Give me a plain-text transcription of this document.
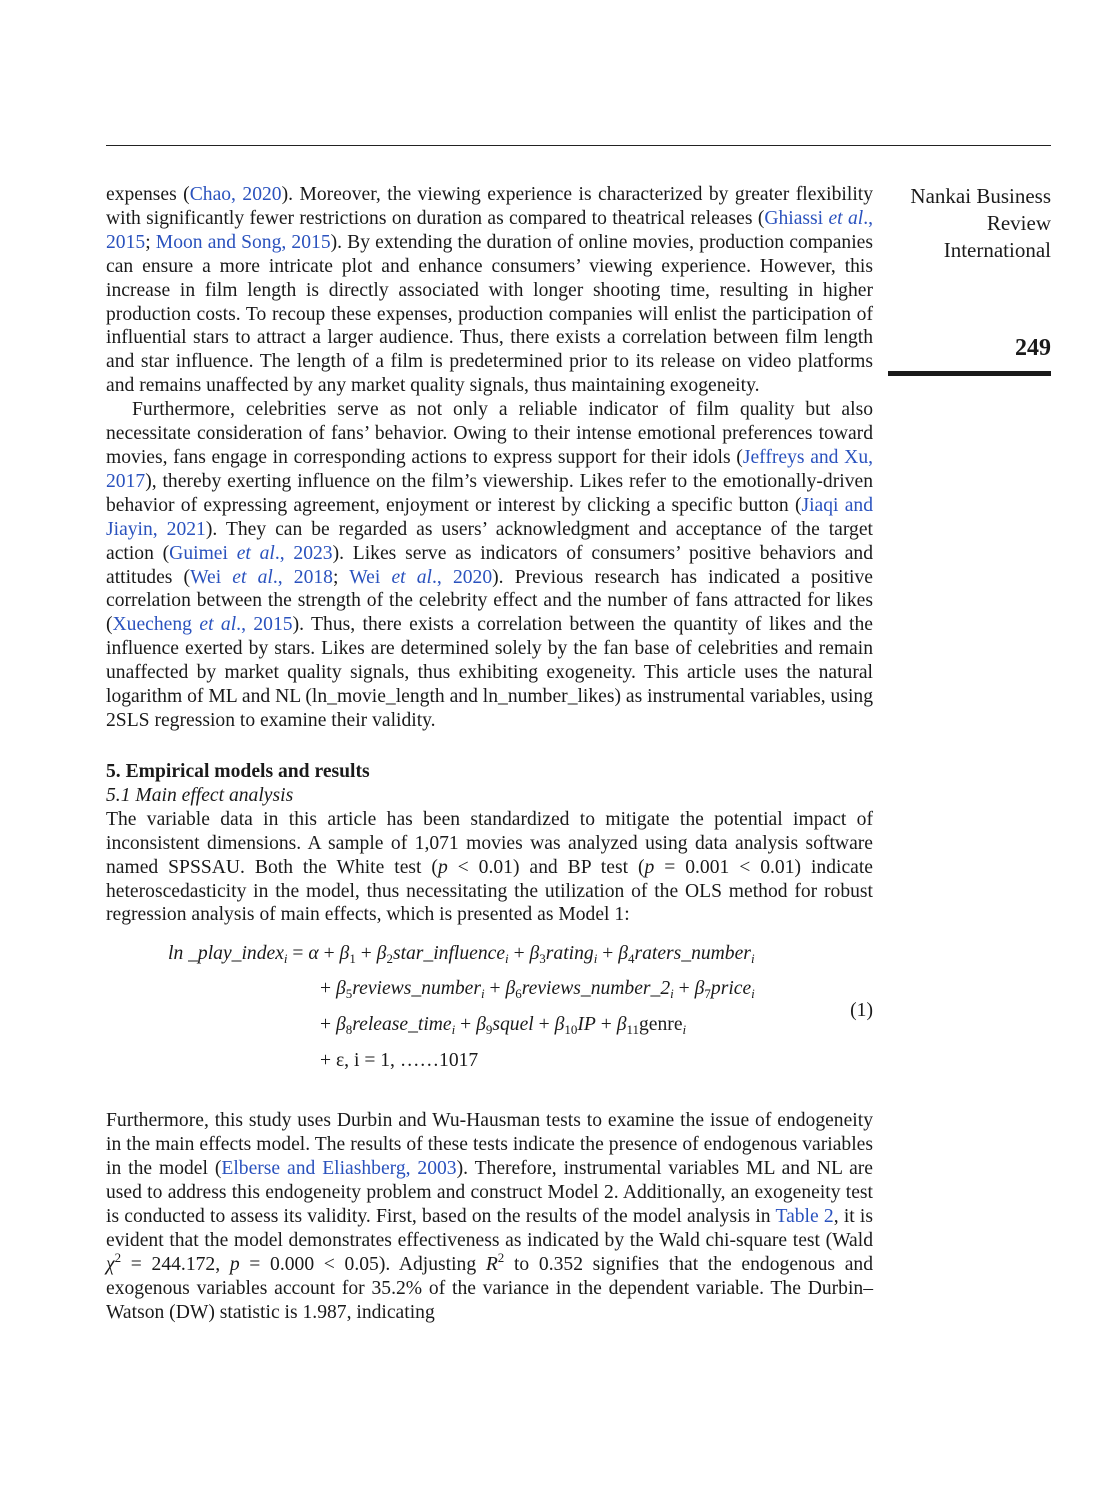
Nankai Business
Review
International
249

expenses (Chao, 2020). Moreover, the viewing experience is characterized by greater flexibility with significantly fewer restrictions on duration as compared to theatrical releases (Ghiassi et al., 2015; Moon and Song, 2015). By extending the duration of online movies, production companies can ensure a more intricate plot and enhance consumers’ viewing experience. However, this increase in film length is directly associated with longer shooting time, resulting in higher production costs. To recoup these expenses, production companies will enlist the participation of influential stars to attract a larger audience. Thus, there exists a correlation between film length and star influence. The length of a film is predetermined prior to its release on video platforms and remains unaffected by any market quality signals, thus maintaining exogeneity.

Furthermore, celebrities serve as not only a reliable indicator of film quality but also necessitate consideration of fans’ behavior. Owing to their intense emotional preferences toward movies, fans engage in corresponding actions to express support for their idols (Jeffreys and Xu, 2017), thereby exerting influence on the film’s viewership. Likes refer to the emotionally-driven behavior of expressing agreement, enjoyment or interest by clicking a specific button (Jiaqi and Jiayin, 2021). They can be regarded as users’ acknowledgment and acceptance of the target action (Guimei et al., 2023). Likes serve as indicators of consumers’ positive behaviors and attitudes (Wei et al., 2018; Wei et al., 2020). Previous research has indicated a positive correlation between the strength of the celebrity effect and the number of fans attracted for likes (Xuecheng et al., 2015). Thus, there exists a correlation between the quantity of likes and the influence exerted by stars. Likes are determined solely by the fan base of celebrities and remain unaffected by market quality signals, thus exhibiting exogeneity. This article uses the natural logarithm of ML and NL (ln_movie_length and ln_number_likes) as instrumental variables, using 2SLS regression to examine their validity.

5. Empirical models and results
5.1 Main effect analysis

The variable data in this article has been standardized to mitigate the potential impact of inconsistent dimensions. A sample of 1,071 movies was analyzed using data analysis software named SPSSAU. Both the White test (p < 0.01) and BP test (p = 0.001 < 0.01) indicate heteroscedasticity in the model, thus necessitating the utilization of the OLS method for robust regression analysis of main effects, which is presented as Model 1:

ln _play_index$_i$ = $\alpha + \beta_1$ + $\beta_2star\_influence_i$ + $\beta_3rating_i$ + $\beta_4raters\_number_i$
+ $\beta_5reviews\_number_i$ + $\beta_6reviews\_number\_2_i$ + $\beta_7price_i$
+ $\beta_8release\_time_i$ + $\beta_9squel + \beta_{10}IP$ + $\beta_{11}genre_i$
+ ε, i = 1, ……1017
(1)

Furthermore, this study uses Durbin and Wu-Hausman tests to examine the issue of endogeneity in the main effects model. The results of these tests indicate the presence of endogenous variables in the model (Elberse and Eliashberg, 2003). Therefore, instrumental variables ML and NL are used to address this endogeneity problem and construct Model 2. Additionally, an exogeneity test is conducted to assess its validity. First, based on the results of the model analysis in Table 2, it is evident that the model demonstrates effectiveness as indicated by the Wald chi-square test (Wald $\chi^2 = 244.172$, p = 0.000 < 0.05). Adjusting $R^2$ to 0.352 signifies that the endogenous and exogenous variables account for 35.2% of the variance in the dependent variable. The Durbin–Watson (DW) statistic is 1.987, indicating
